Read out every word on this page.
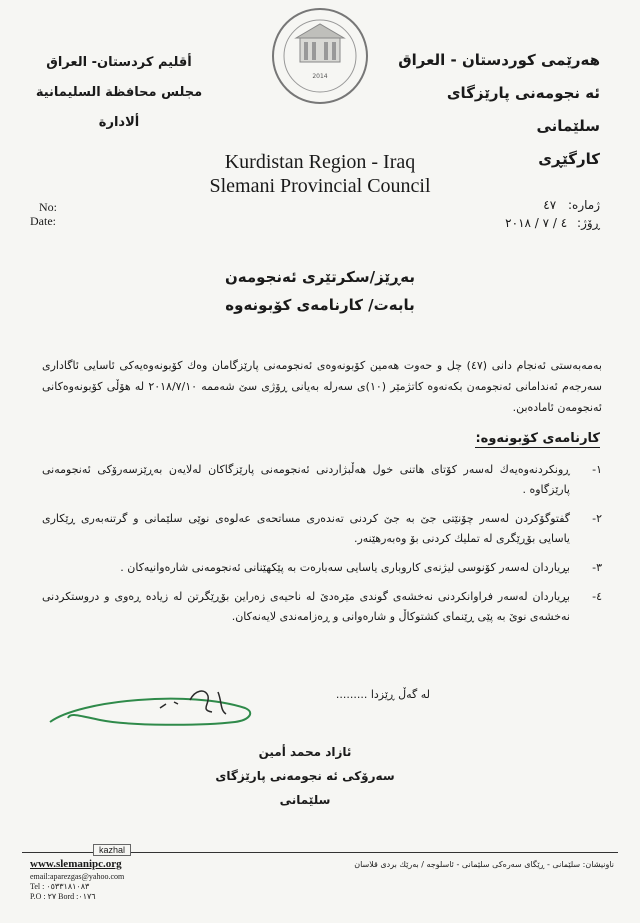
2014
هەرێمی کوردستان - العراق
ئه نجومەنی پارێزگای سلێمانی
کارگێڕی
أقليم كردستان- العراق
مجلس محافظة السليمانية
ألادارة
Kurdistan Region - Iraq
Slemani Provincial Council
ژمارە: ٤٧
ڕۆژ: ٤ / ٧ / ٢٠١٨
No:
Date:
بەڕێز/سکرتێری ئەنجومەن
بابەت/ کارنامەی کۆبونەوە
بەمەبەستی ئەنجام دانی (٤٧) چل و حەوت هەمین کۆبونەوەی ئەنجومەنی پارێزگامان وەك کۆبونەوەیەکی ئاسایی ئاگاداری سەرجەم ئەندامانی ئەنجومەن بکەنەوە کاتژمێر (١٠)ی سەرلە بەیانی ڕۆژی سێ شەممە ٢٠١٨/٧/١٠ لە هۆڵی کۆبونەوەکانی ئەنجومەن ئامادەبن.
کارنامەی کۆبونەوە:
١-
ڕونکردنەوەیەك لەسەر کۆتای هاتنی خول هەڵبژاردنی ئەنجومەنی پارێزگاکان لەلایەن بەڕێزسەرۆکی ئەنجومەنی پارێزگاوە .
٢-
گفتوگۆکردن لەسەر چۆنێتی جێ بە جێ کردنی تەندەری مساتحەی عەلوەی نوێی سلێمانی و گرتنەبەری ڕێکاری یاسایی بۆڕێگری لە تملیك کردنی بۆ وەبەرهێنەر.
٣-
بڕیاردان لەسەر کۆنوسی لیژنەی کاروباری یاسایی سەبارەت بە پێکهێنانی ئەنجومەنی شارەوانیەکان .
٤-
بڕیاردان لەسەر فراوانکردنی نەخشەی گوندی مێرەدێ لە ناحیەی زەراین بۆڕێگرتن لە زیادە ڕەوی و دروستکردنی نەخشەی نوێ بە پێی ڕێنمای کشتوکاڵ و شارەوانی و ڕەزامەندی لایەنەکان.
لە گەڵ ڕێزدا .........
ئازاد محمد أمين
سەرۆکی ئه نجومەنی پارێزگای سلێمانی
kazhal
www.slemanipc.org
email:aparezgas@yahoo.com
Tel : ٠٥٣٣١٨١٠٨٣
P.O : ٢٧ Bord :٠١٧٦
ناونیشان: سلێمانی - ڕێگای سەرەکی سلێمانی - ئاسلوجە / بەرێك بردی قلاسان
